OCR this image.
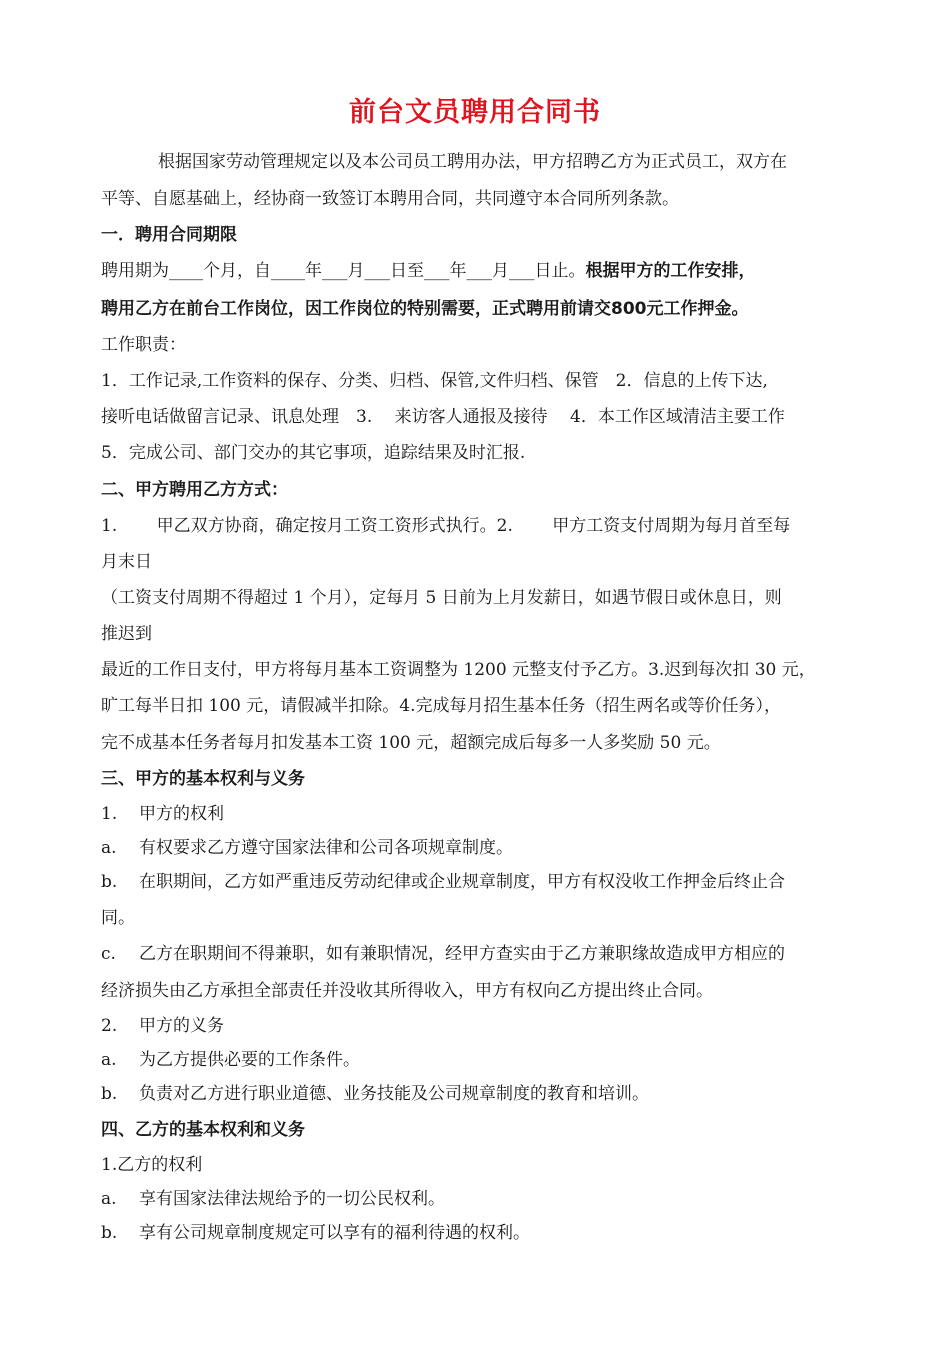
前台文员聘用合同书
根据国家劳动管理规定以及本公司员工聘用办法，甲方招聘乙方为正式员工，双方在
平等、自愿基础上，经协商一致签订本聘用合同，共同遵守本合同所列条款。
一．聘用合同期限
聘用期为____个月，自____年___月___日至___年___月___日止。根据甲方的工作安排，
聘用乙方在前台工作岗位，因工作岗位的特别需要，正式聘用前请交800元工作押金。
工作职责：
1．工作记录,工作资料的保存、分类、归档、保管,文件归档、保管　2．信息的上传下达,
接听电话做留言记录、讯息处理　3.　 来访客人通报及接待　 4．本工作区域清洁主要工作
5．完成公司、部门交办的其它事项，追踪结果及时汇报.
二、甲方聘用乙方方式：
1.　　 甲乙双方协商，确定按月工资工资形式执行。2.　　 甲方工资支付周期为每月首至每
月末日
（工资支付周期不得超过 1 个月），定每月 5 日前为上月发薪日，如遇节假日或休息日，则
推迟到
最近的工作日支付，甲方将每月基本工资调整为 1200 元整支付予乙方。3.迟到每次扣 30 元，
旷工每半日扣 100 元，请假减半扣除。4.完成每月招生基本任务（招生两名或等价任务），
完不成基本任务者每月扣发基本工资 100 元，超额完成后每多一人多奖励 50 元。
三、甲方的基本权利与义务
1. 甲方的权利
a. 有权要求乙方遵守国家法律和公司各项规章制度。
b. 在职期间，乙方如严重违反劳动纪律或企业规章制度，甲方有权没收工作押金后终止合
同。
c. 乙方在职期间不得兼职，如有兼职情况，经甲方查实由于乙方兼职缘故造成甲方相应的
经济损失由乙方承担全部责任并没收其所得收入，甲方有权向乙方提出终止合同。
2. 甲方的义务
a. 为乙方提供必要的工作条件。
b. 负责对乙方进行职业道德、业务技能及公司规章制度的教育和培训。
四、乙方的基本权利和义务
1.乙方的权利
a. 享有国家法律法规给予的一切公民权利。
b. 享有公司规章制度规定可以享有的福利待遇的权利。
